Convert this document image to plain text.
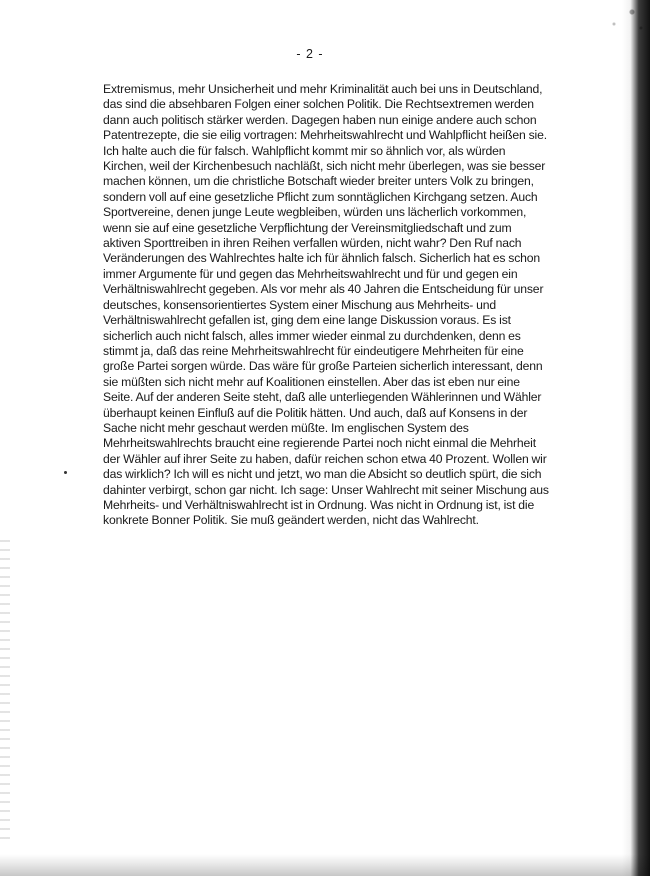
- 2 -

Extremismus, mehr Unsicherheit und mehr Kriminalität auch bei uns in Deutschland,
das sind die absehbaren Folgen einer solchen Politik. Die Rechtsextremen werden
dann auch politisch stärker werden. Dagegen haben nun einige andere auch schon
Patentrezepte, die sie eilig vortragen: Mehrheitswahlrecht und Wahlpflicht heißen sie.
Ich halte auch die für falsch. Wahlpflicht kommt mir so ähnlich vor, als würden
Kirchen, weil der Kirchenbesuch nachläßt, sich nicht mehr überlegen, was sie besser
machen können, um die christliche Botschaft wieder breiter unters Volk zu bringen,
sondern voll auf eine gesetzliche Pflicht zum sonntäglichen Kirchgang setzen. Auch
Sportvereine, denen junge Leute wegbleiben, würden uns lächerlich vorkommen,
wenn sie auf eine gesetzliche Verpflichtung der Vereinsmitgliedschaft und zum
aktiven Sporttreiben in ihren Reihen verfallen würden, nicht wahr? Den Ruf nach
Veränderungen des Wahlrechtes halte ich für ähnlich falsch. Sicherlich hat es schon
immer Argumente für und gegen das Mehrheitswahlrecht und für und gegen ein
Verhältniswahlrecht gegeben. Als vor mehr als 40 Jahren die Entscheidung für unser
deutsches, konsensorientiertes System einer Mischung aus Mehrheits- und
Verhältniswahlrecht gefallen ist, ging dem eine lange Diskussion voraus. Es ist
sicherlich auch nicht falsch, alles immer wieder einmal zu durchdenken, denn es
stimmt ja, daß das reine Mehrheitswahlrecht für eindeutigere Mehrheiten für eine
große Partei sorgen würde. Das wäre für große Parteien sicherlich interessant, denn
sie müßten sich nicht mehr auf Koalitionen einstellen. Aber das ist eben nur eine
Seite. Auf der anderen Seite steht, daß alle unterliegenden Wählerinnen und Wähler
überhaupt keinen Einfluß auf die Politik hätten. Und auch, daß auf Konsens in der
Sache nicht mehr geschaut werden müßte. Im englischen System des
Mehrheitswahlrechts braucht eine regierende Partei noch nicht einmal die Mehrheit
der Wähler auf ihrer Seite zu haben, dafür reichen schon etwa 40 Prozent. Wollen wir
das wirklich? Ich will es nicht und jetzt, wo man die Absicht so deutlich spürt, die sich
dahinter verbirgt, schon gar nicht. Ich sage: Unser Wahlrecht mit seiner Mischung aus
Mehrheits- und Verhältniswahlrecht ist in Ordnung. Was nicht in Ordnung ist, ist die
konkrete Bonner Politik. Sie muß geändert werden, nicht das Wahlrecht.
